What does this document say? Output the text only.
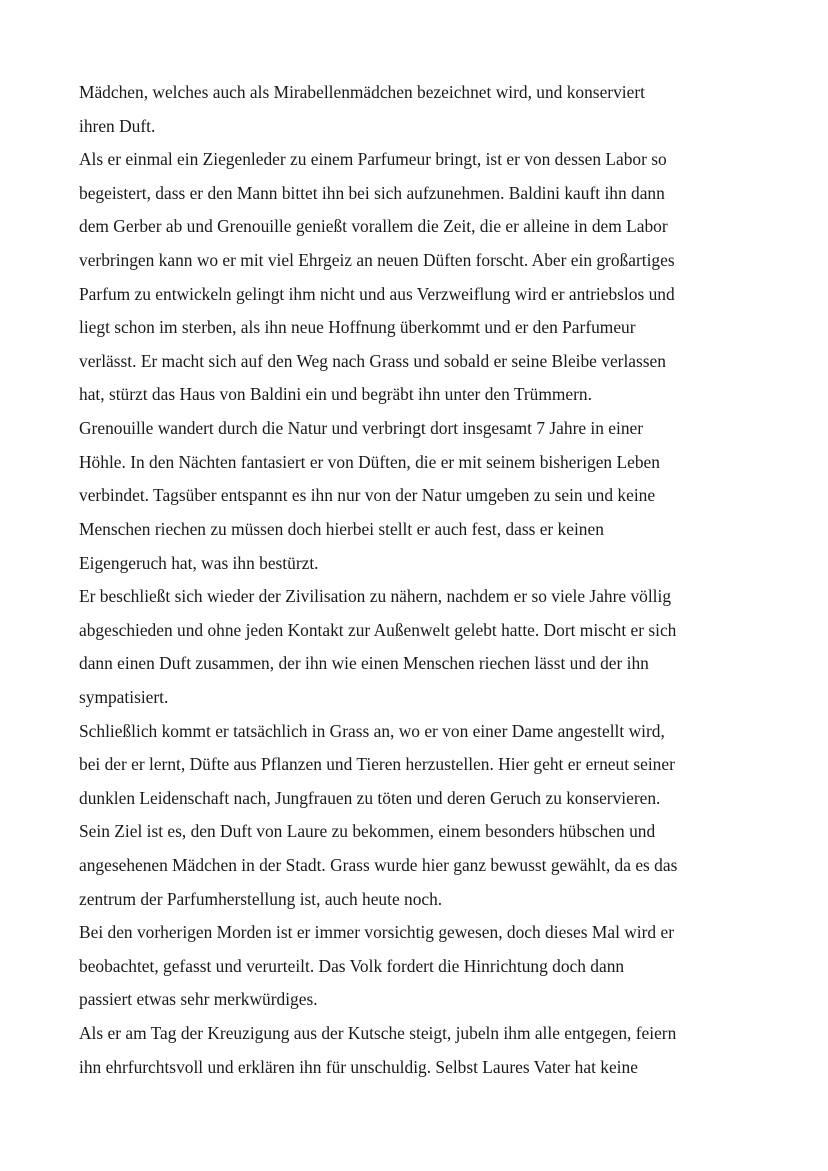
Mädchen, welches auch als Mirabellenmädchen bezeichnet wird, und konserviert
ihren Duft.
Als er einmal ein Ziegenleder zu einem Parfumeur bringt, ist er von dessen Labor so
begeistert, dass er den Mann bittet ihn bei sich aufzunehmen. Baldini kauft ihn dann
dem Gerber ab und Grenouille genießt vorallem die Zeit, die er alleine in dem Labor
verbringen kann wo er mit viel Ehrgeiz an neuen Düften forscht. Aber ein großartiges
Parfum zu entwickeln gelingt ihm nicht und aus Verzweiflung wird er antriebslos und
liegt schon im sterben, als ihn neue Hoffnung überkommt und er den Parfumeur
verlässt. Er macht sich auf den Weg nach Grass und sobald er seine Bleibe verlassen
hat, stürzt das Haus von Baldini ein und begräbt ihn unter den Trümmern.
Grenouille wandert durch die Natur und verbringt dort insgesamt 7 Jahre in einer
Höhle. In den Nächten fantasiert er von Düften, die er mit seinem bisherigen Leben
verbindet. Tagsüber entspannt es ihn nur von der Natur umgeben zu sein und keine
Menschen riechen zu müssen doch hierbei stellt er auch fest, dass er keinen
Eigengeruch hat, was ihn bestürzt.
Er beschließt sich wieder der Zivilisation zu nähern, nachdem er so viele Jahre völlig
abgeschieden und ohne jeden Kontakt zur Außenwelt gelebt hatte. Dort mischt er sich
dann einen Duft zusammen, der ihn wie einen Menschen riechen lässt und der ihn
sympatisiert.
Schließlich kommt er tatsächlich in Grass an, wo er von einer Dame angestellt wird,
bei der er lernt, Düfte aus Pflanzen und Tieren herzustellen. Hier geht er erneut seiner
dunklen Leidenschaft nach, Jungfrauen zu töten und deren Geruch zu konservieren.
Sein Ziel ist es, den Duft von Laure zu bekommen, einem besonders hübschen und
angesehenen Mädchen in der Stadt. Grass wurde hier ganz bewusst gewählt, da es das
zentrum der Parfumherstellung ist, auch heute noch.
Bei den vorherigen Morden ist er immer vorsichtig gewesen, doch dieses Mal wird er
beobachtet, gefasst und verurteilt. Das Volk fordert die Hinrichtung doch dann
passiert etwas sehr merkwürdiges.
Als er am Tag der Kreuzigung aus der Kutsche steigt, jubeln ihm alle entgegen, feiern
ihn ehrfurchtsvoll und erklären ihn für unschuldig. Selbst Laures Vater hat keine
